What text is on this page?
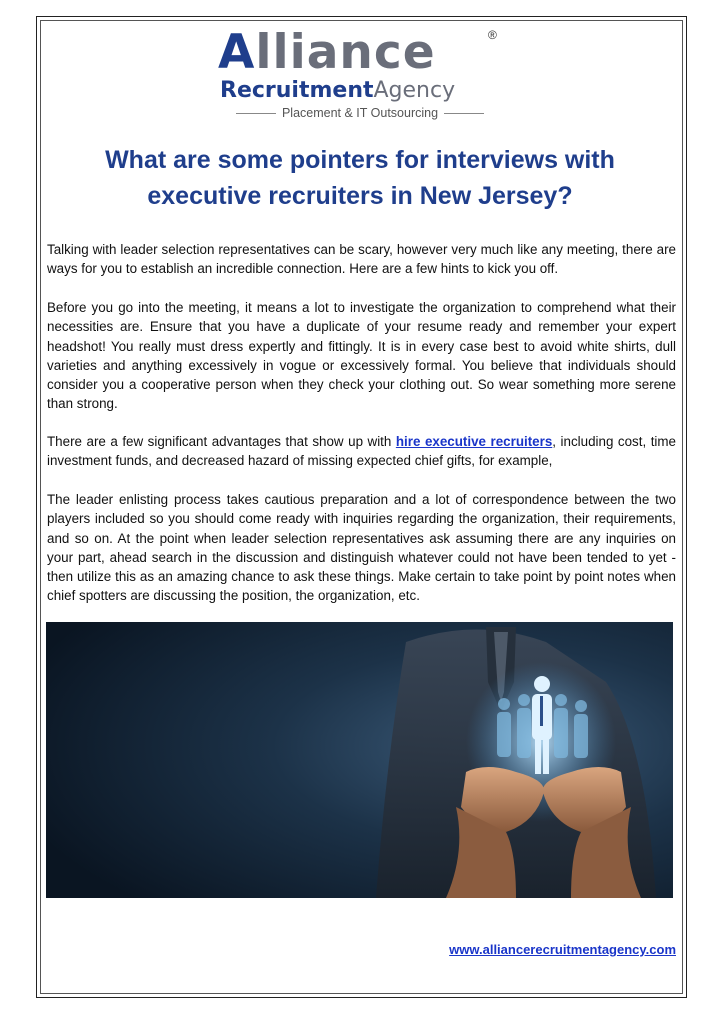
Alliance	®
RecruitmentAgency
Placement & IT Outsourcing
What are some pointers for interviews with executive recruiters in New Jersey?

Talking with leader selection representatives can be scary, however very much like any meeting, there are ways for you to establish an incredible connection. Here are a few hints to kick you off.

Before you go into the meeting, it means a lot to investigate the organization to comprehend what their necessities are. Ensure that you have a duplicate of your resume ready and remember your expert headshot! You really must dress expertly and fittingly. It is in every case best to avoid white shirts, dull varieties and anything excessively in vogue or excessively formal. You believe that individuals should consider you a cooperative person when they check your clothing out. So wear something more serene than strong.

There are a few significant advantages that show up with hire executive recruiters, including cost, time investment funds, and decreased hazard of missing expected chief gifts, for example,

The leader enlisting process takes cautious preparation and a lot of correspondence between the two players included so you should come ready with inquiries regarding the organization, their requirements, and so on. At the point when leader selection representatives ask assuming there are any inquiries on your part, ahead search in the discussion and distinguish whatever could not have been tended to yet - then utilize this as an amazing chance to ask these things. Make certain to take point by point notes when chief spotters are discussing the position, the organization, etc.

www.alliancerecruitmentagency.com
